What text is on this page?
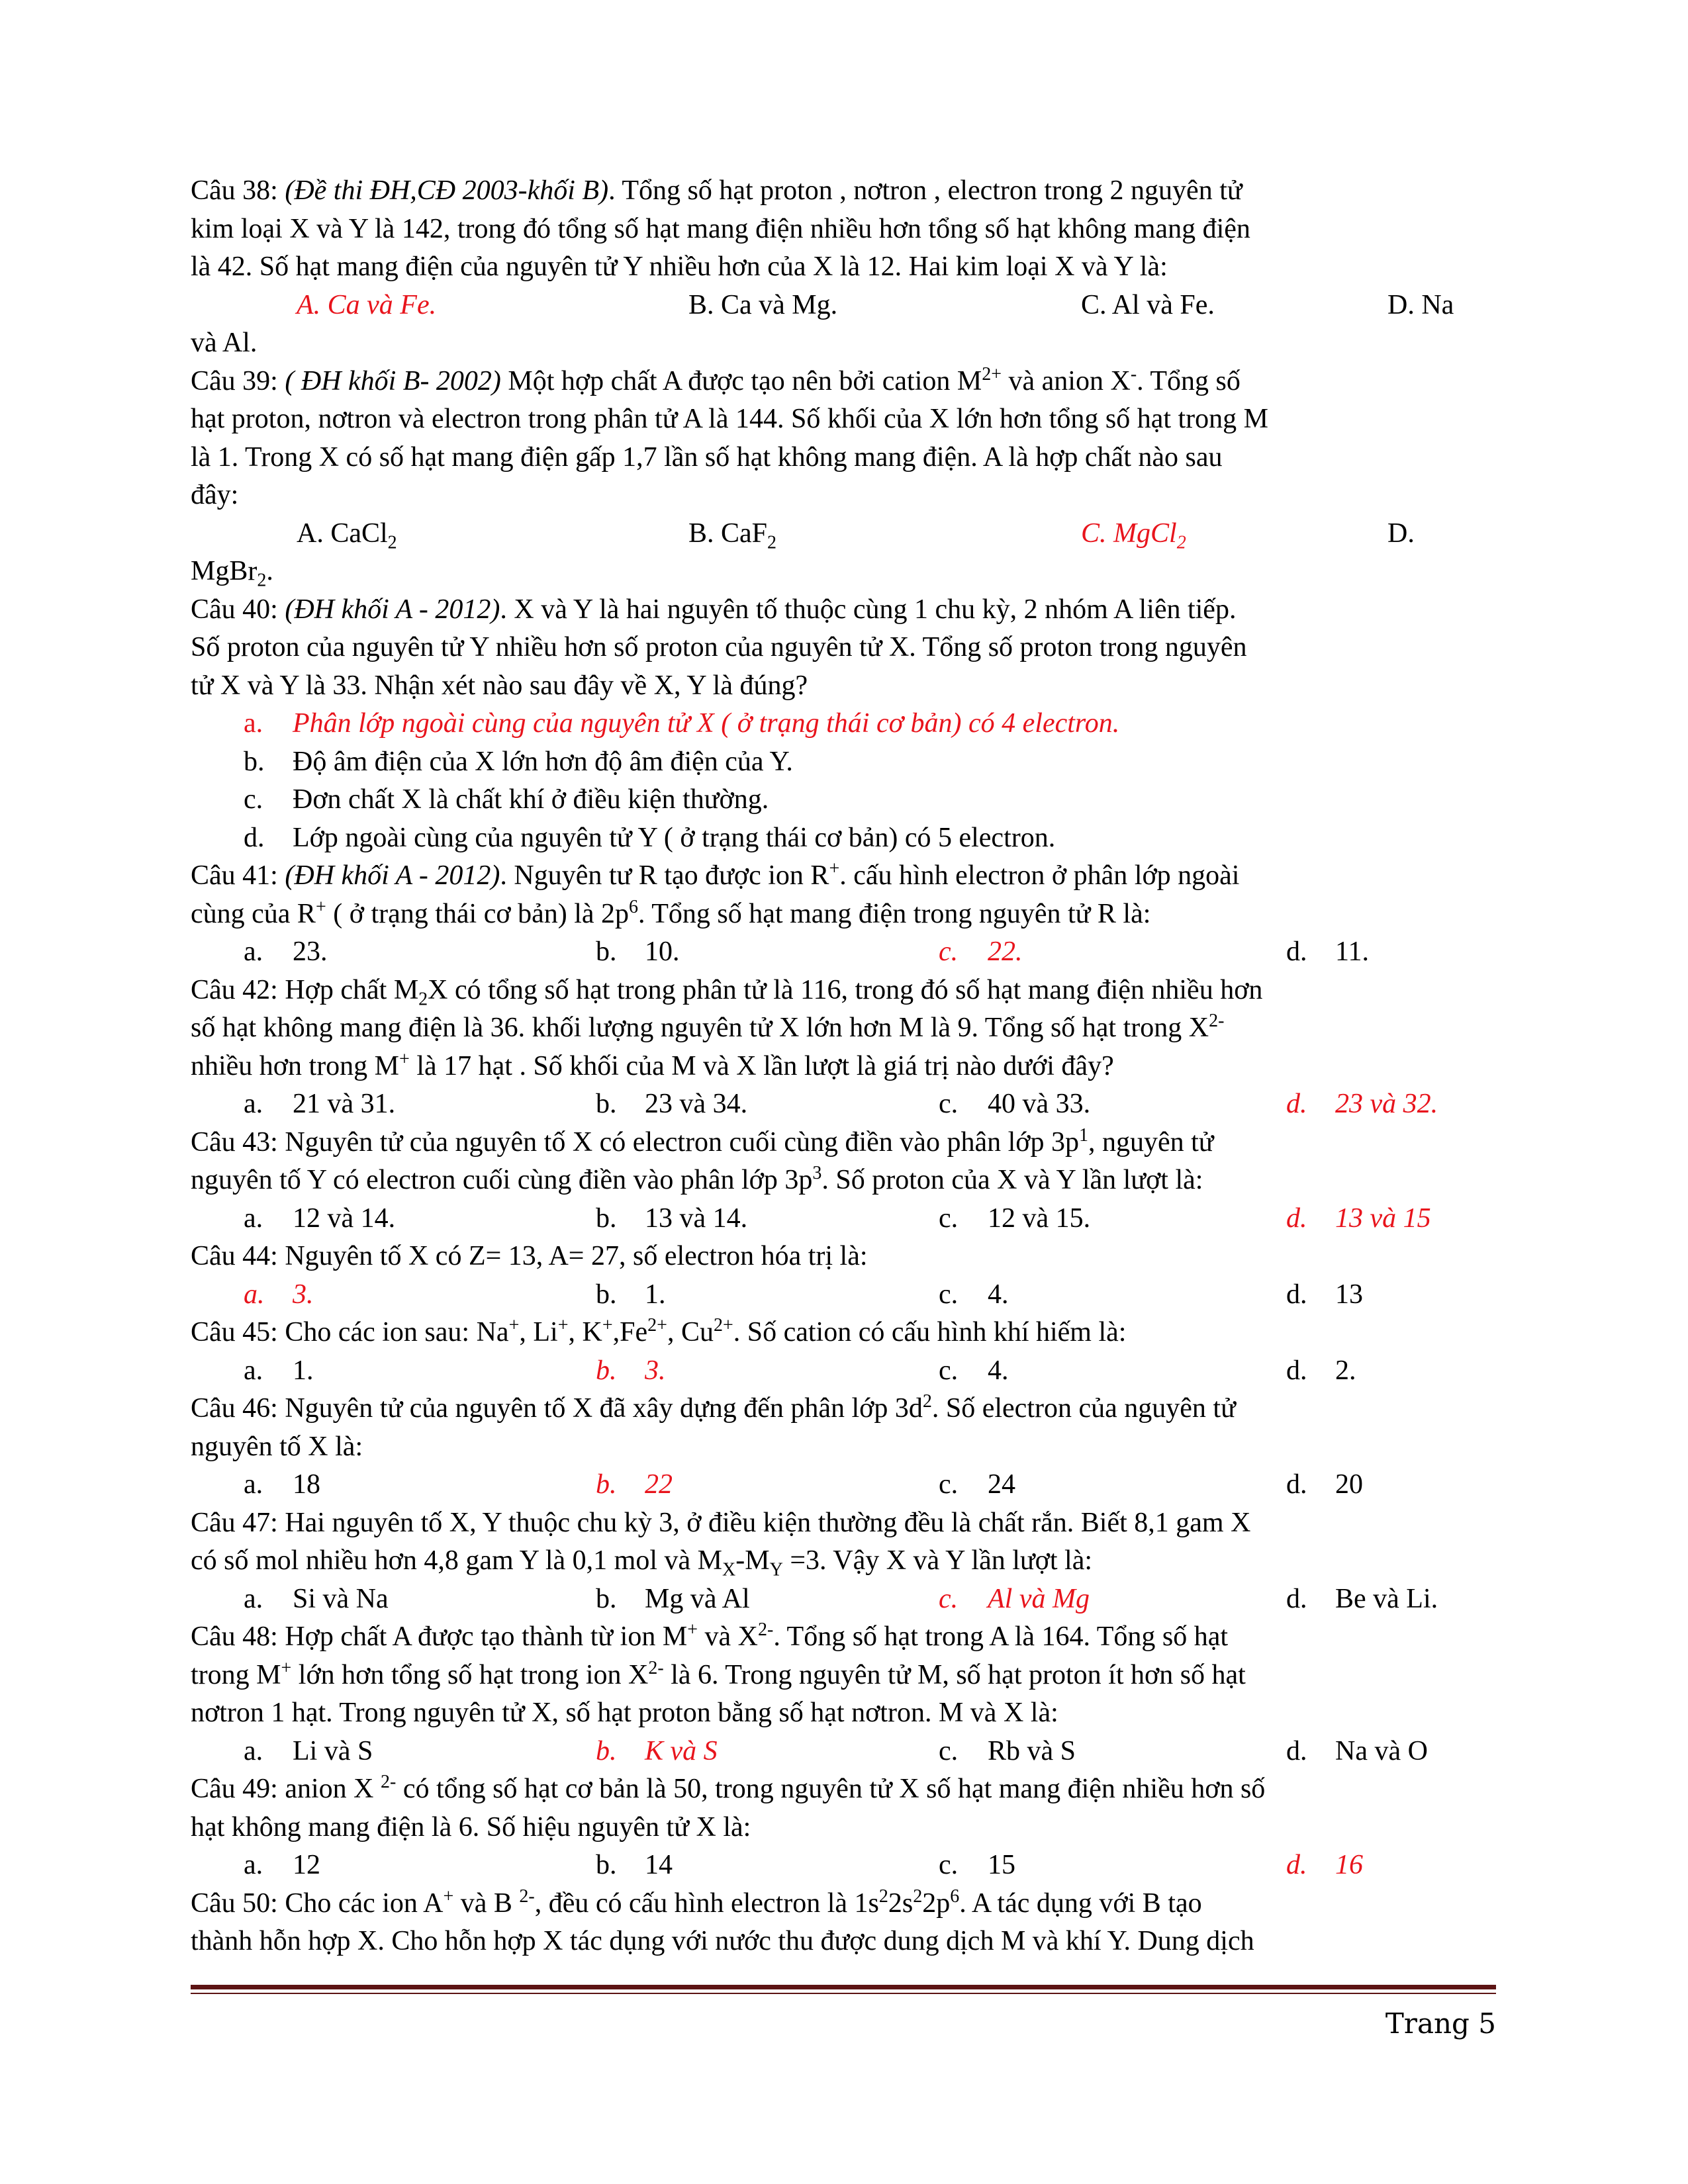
Câu 38: (Đề thi ĐH,CĐ 2003-khối B). Tổng số hạt proton , nơtron , electron trong 2 nguyên tử
kim loại X và Y là 142, trong đó tổng số hạt mang điện nhiều hơn tổng số hạt không mang điện
là 42. Số hạt mang điện của nguyên tử Y nhiều hơn của X là 12. Hai kim loại X và Y là:
A. Ca và Fe.	B. Ca và Mg.	C. Al và Fe.	D. Na
và Al.
Câu 39: ( ĐH khối B- 2002) Một hợp chất A được tạo nên bởi cation $M^{2+}$ và anion X-. Tổng số
hạt proton, nơtron và electron trong phân tử A là 144. Số khối của X lớn hơn tổng số hạt trong M
là 1. Trong X có số hạt mang điện gấp 1,7 lần số hạt không mang điện. A là hợp chất nào sau
đây:
A. CaCl$_2$	B. CaF$_2$	C. MgCl$_2$	D.
MgBr$_2$.
Câu 40: (ĐH khối A - 2012). X và Y là hai nguyên tố thuộc cùng 1 chu kỳ, 2 nhóm A liên tiếp.
Số proton của nguyên tử Y nhiều hơn số proton của nguyên tử X. Tổng số proton trong nguyên
tử X và Y là 33. Nhận xét nào sau đây về X, Y là đúng?
a. Phân lớp ngoài cùng của nguyên tử X ( ở trạng thái cơ bản) có 4 electron.
b. Độ âm điện của X lớn hơn độ âm điện của Y.
c. Đơn chất X là chất khí ở điều kiện thường.
d. Lớp ngoài cùng của nguyên tử Y ( ở trạng thái cơ bản) có 5 electron.
Câu 41: (ĐH khối A - 2012). Nguyên tư R tạo được ion R+. cấu hình electron ở phân lớp ngoài
cùng của R+ ( ở trạng thái cơ bản) là $2p^6$. Tổng số hạt mang điện trong nguyên tử R là:
a. 23.	b. 10.	c. 22.	d. 11.
Câu 42: Hợp chất $M_2X$ có tổng số hạt trong phân tử là 116, trong đó số hạt mang điện nhiều hơn
số hạt không mang điện là 36. khối lượng nguyên tử X lớn hơn M là 9. Tổng số hạt trong $X^{2-}$
nhiều hơn trong M+ là 17 hạt . Số khối của M và X lần lượt là giá trị nào dưới đây?
a. 21 và 31.	b. 23 và 34.	c. 40 và 33.	d. 23 và 32.
Câu 43: Nguyên tử của nguyên tố X có electron cuối cùng điền vào phân lớp $3p^1$, nguyên tử
nguyên tố Y có electron cuối cùng điền vào phân lớp $3p^3$. Số proton của X và Y lần lượt là:
a. 12 và 14.	b. 13 và 14.	c. 12 và 15.	d. 13 và 15
Câu 44: Nguyên tố X có Z= 13, A= 27, số electron hóa trị là:
a. 3.	b. 1.	c. 4.	d. 13
Câu 45: Cho các ion sau: Na+, Li+, $K^+,Fe^{2+}$, $Cu^{2+}$. Số cation có cấu hình khí hiếm là:
a. 1.	b. 3.	c. 4.	d. 2.
Câu 46: Nguyên tử của nguyên tố X đã xây dựng đến phân lớp $3d^2$. Số electron của nguyên tử
nguyên tố X là:
a. 18	b. 22	c. 24	d. 20
Câu 47: Hai nguyên tố X, Y thuộc chu kỳ 3, ở điều kiện thường đều là chất rắn. Biết 8,1 gam X
có số mol nhiều hơn 4,8 gam Y là 0,1 mol và $M_X-M_Y =3$. Vậy X và Y lần lượt là:
a. Si và Na	b. Mg và Al	c. Al và Mg	d. Be và Li.
Câu 48: Hợp chất A được tạo thành từ ion M+ và $X^{2-}$. Tổng số hạt trong A là 164. Tổng số hạt
trong M+ lớn hơn tổng số hạt trong ion $X^{2-}$ là 6. Trong nguyên tử M, số hạt proton ít hơn số hạt
nơtron 1 hạt. Trong nguyên tử X, số hạt proton bằng số hạt nơtron. M và X là:
a. Li và S	b. K và S	c. Rb và S	d. Na và O
Câu 49: anion X $^{2-}$ có tổng số hạt cơ bản là 50, trong nguyên tử X số hạt mang điện nhiều hơn số
hạt không mang điện là 6. Số hiệu nguyên tử X là:
a. 12	b. 14	c. 15	d. 16
Câu 50: Cho các ion A+ và B $^{2-}$, đều có cấu hình electron là $1s^22s^22p^6$. A tác dụng với B tạo
thành hỗn hợp X. Cho hỗn hợp X tác dụng với nước thu được dung dịch M và khí Y. Dung dịch
Trang 5
